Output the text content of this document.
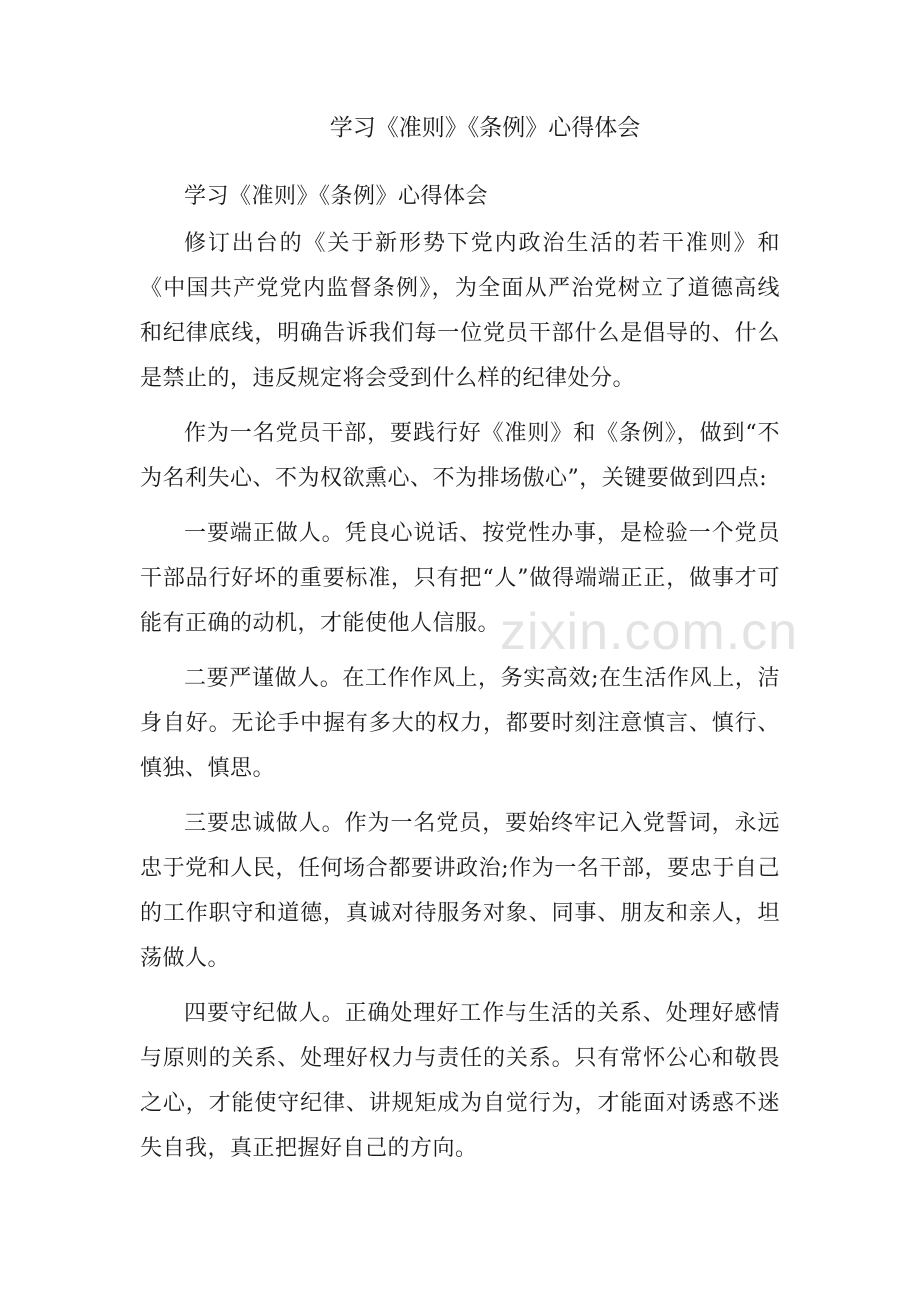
zixin.com.cn
学习《准则》《条例》心得体会

学习《准则》《条例》心得体会

修订出台的《关于新形势下党内政治生活的若干准则》和《中国共产党党内监督条例》，为全面从严治党树立了道德高线和纪律底线，明确告诉我们每一位党员干部什么是倡导的、什么是禁止的，违反规定将会受到什么样的纪律处分。

作为一名党员干部，要践行好《准则》和《条例》，做到“不为名利失心、不为权欲熏心、不为排场傲心”，关键要做到四点:

一要端正做人。凭良心说话、按党性办事，是检验一个党员干部品行好坏的重要标准，只有把“人”做得端端正正，做事才可能有正确的动机，才能使他人信服。

二要严谨做人。在工作作风上，务实高效;在生活作风上，洁身自好。无论手中握有多大的权力，都要时刻注意慎言、慎行、慎独、慎思。

三要忠诚做人。作为一名党员，要始终牢记入党誓词，永远忠于党和人民，任何场合都要讲政治;作为一名干部，要忠于自己的工作职守和道德，真诚对待服务对象、同事、朋友和亲人，坦荡做人。

四要守纪做人。正确处理好工作与生活的关系、处理好感情与原则的关系、处理好权力与责任的关系。只有常怀公心和敬畏之心，才能使守纪律、讲规矩成为自觉行为，才能面对诱惑不迷失自我，真正把握好自己的方向。
